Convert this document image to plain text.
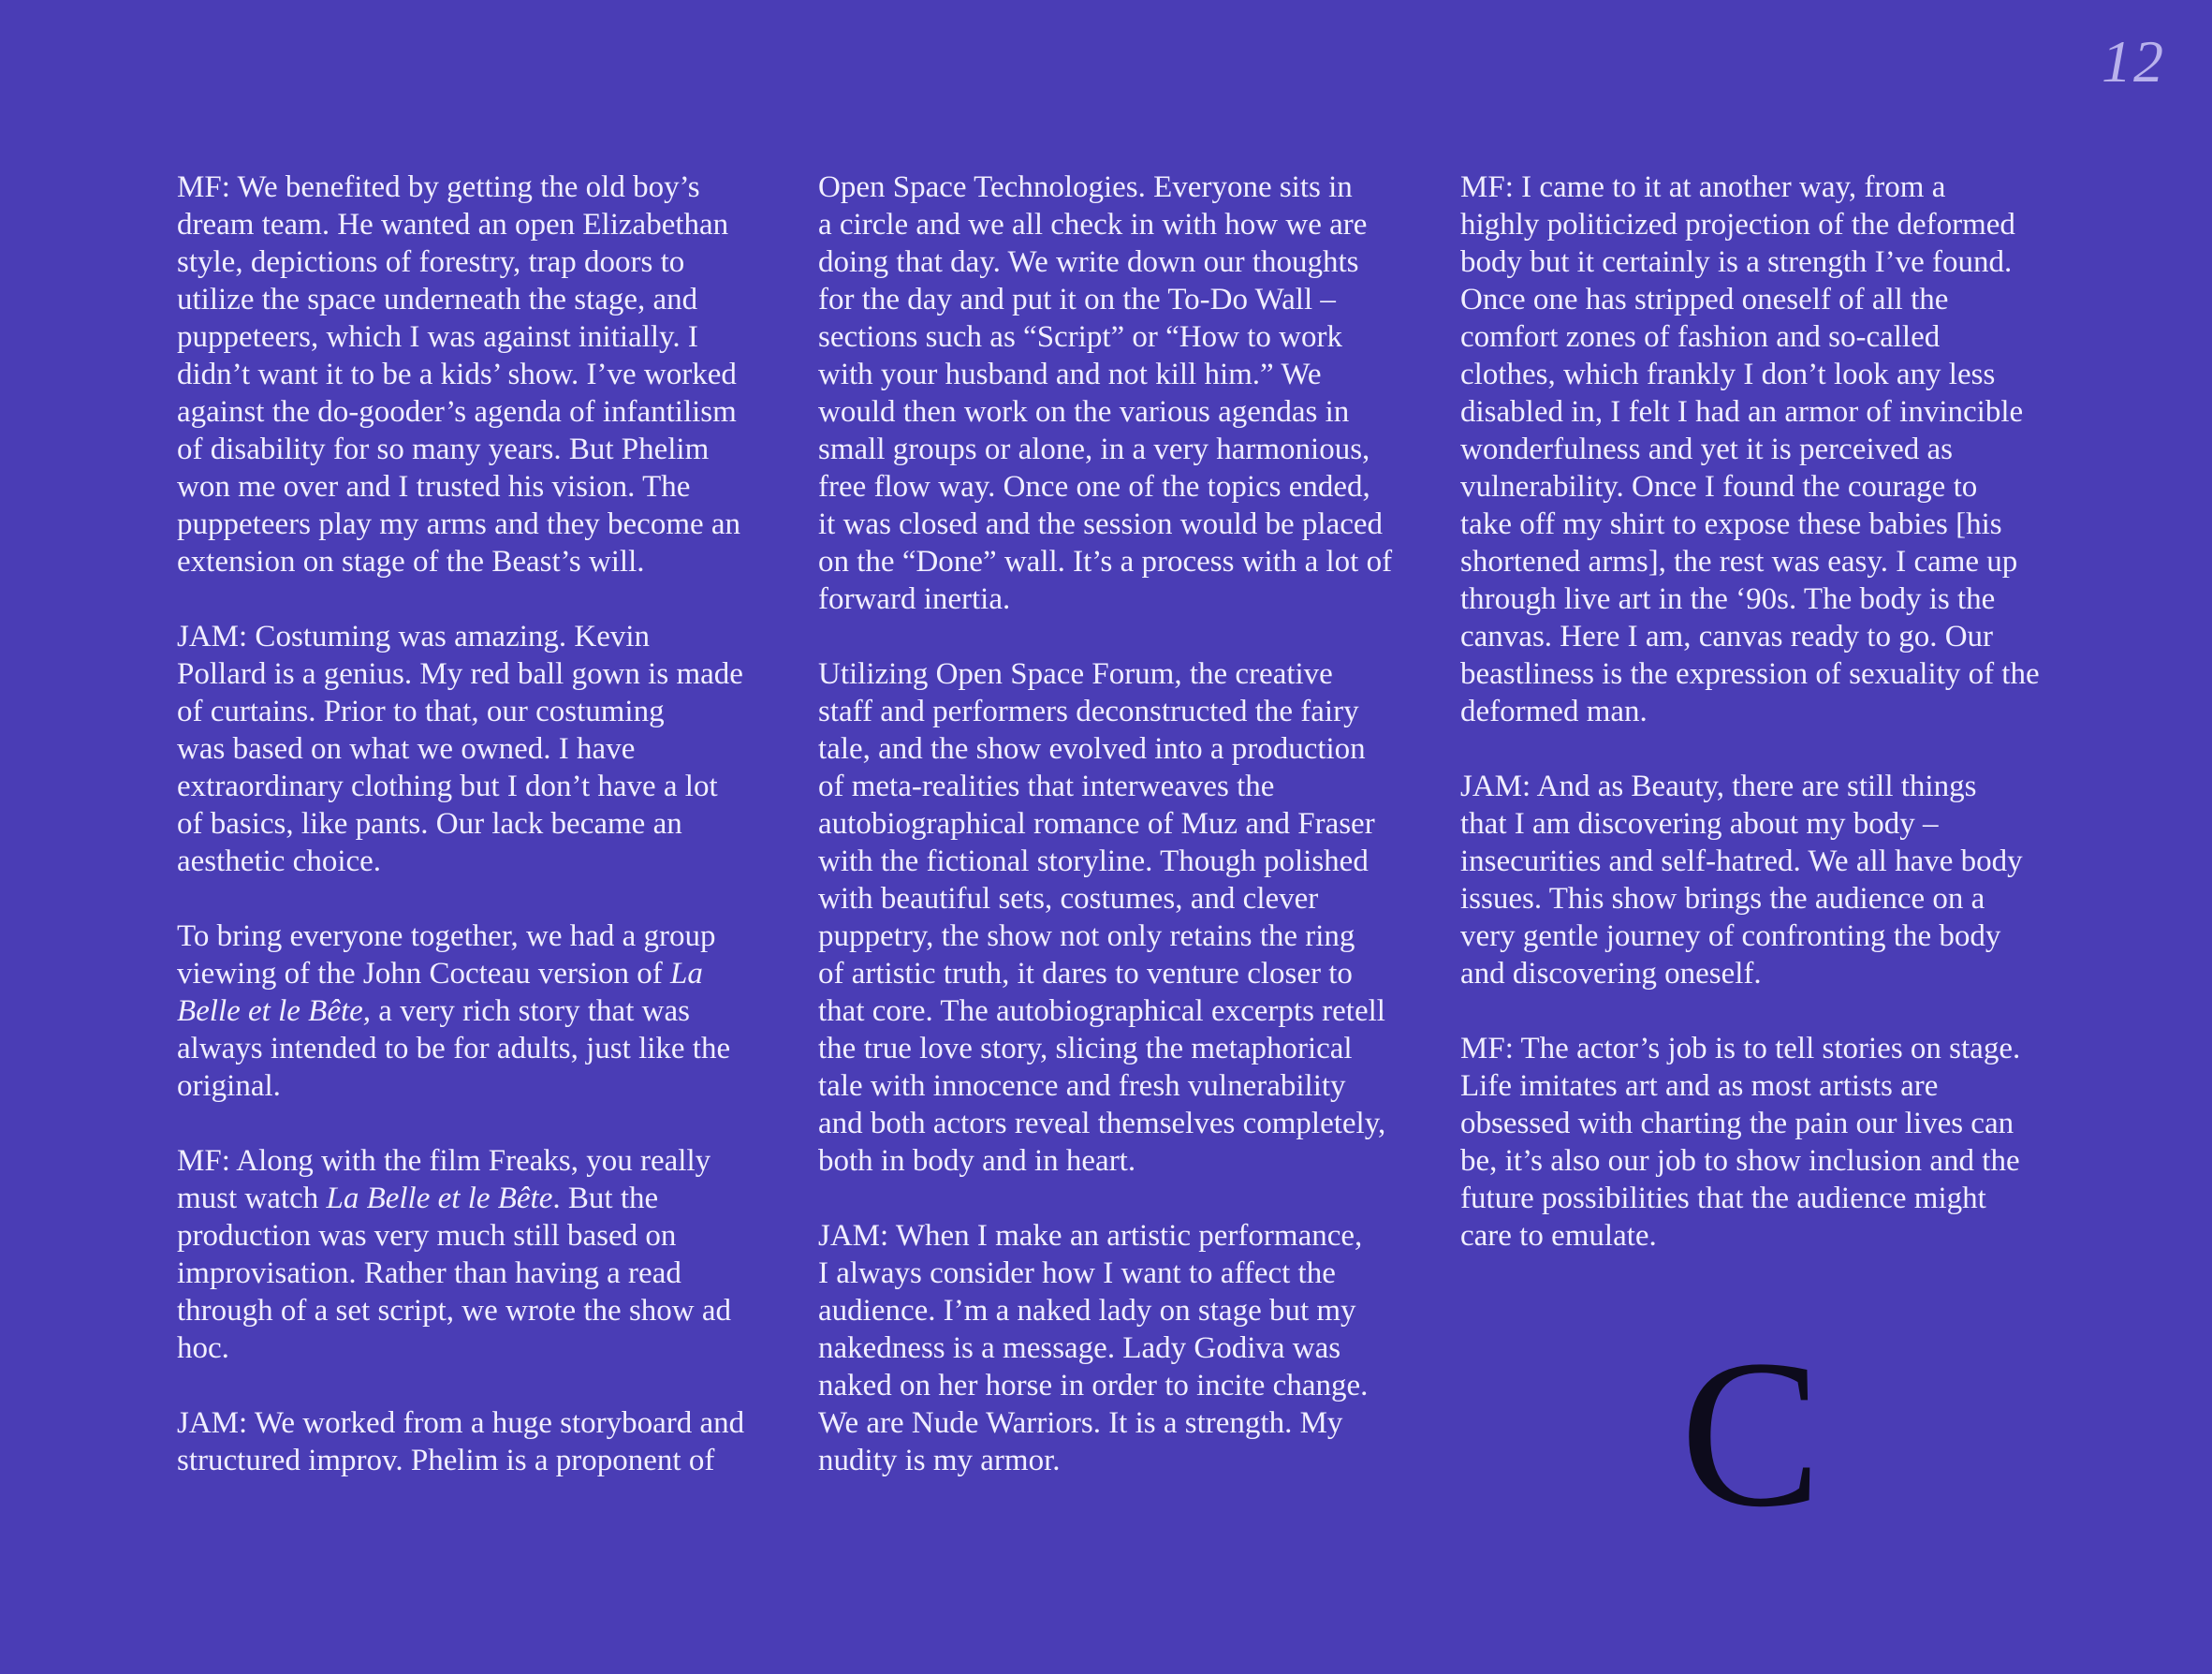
12

MF: We benefited by getting the old boy’s
dream team. He wanted an open Elizabethan
style, depictions of forestry, trap doors to
utilize the space underneath the stage, and
puppeteers, which I was against initially. I
didn’t want it to be a kids’ show. I’ve worked
against the do-gooder’s agenda of infantilism
of disability for so many years. But Phelim
won me over and I trusted his vision. The
puppeteers play my arms and they become an
extension on stage of the Beast’s will.

JAM: Costuming was amazing. Kevin
Pollard is a genius. My red ball gown is made
of curtains. Prior to that, our costuming
was based on what we owned. I have
extraordinary clothing but I don’t have a lot
of basics, like pants. Our lack became an
aesthetic choice.

To bring everyone together, we had a group
viewing of the John Cocteau version of La
Belle et le Bête, a very rich story that was
always intended to be for adults, just like the
original.

MF: Along with the film Freaks, you really
must watch La Belle et le Bête. But the
production was very much still based on
improvisation. Rather than having a read
through of a set script, we wrote the show ad
hoc.

JAM: We worked from a huge storyboard and
structured improv. Phelim is a proponent of

Open Space Technologies. Everyone sits in
a circle and we all check in with how we are
doing that day. We write down our thoughts
for the day and put it on the To-Do Wall –
sections such as “Script” or “How to work
with your husband and not kill him.” We
would then work on the various agendas in
small groups or alone, in a very harmonious,
free flow way. Once one of the topics ended,
it was closed and the session would be placed
on the “Done” wall. It’s a process with a lot of
forward inertia.

Utilizing Open Space Forum, the creative
staff and performers deconstructed the fairy
tale, and the show evolved into a production
of meta-realities that interweaves the
autobiographical romance of Muz and Fraser
with the fictional storyline. Though polished
with beautiful sets, costumes, and clever
puppetry, the show not only retains the ring
of artistic truth, it dares to venture closer to
that core. The autobiographical excerpts retell
the true love story, slicing the metaphorical
tale with innocence and fresh vulnerability
and both actors reveal themselves completely,
both in body and in heart.

JAM: When I make an artistic performance,
I always consider how I want to affect the
audience. I’m a naked lady on stage but my
nakedness is a message. Lady Godiva was
naked on her horse in order to incite change.
We are Nude Warriors. It is a strength. My
nudity is my armor.

MF: I came to it at another way, from a
highly politicized projection of the deformed
body but it certainly is a strength I’ve found.
Once one has stripped oneself of all the
comfort zones of fashion and so-called
clothes, which frankly I don’t look any less
disabled in, I felt I had an armor of invincible
wonderfulness and yet it is perceived as
vulnerability. Once I found the courage to
take off my shirt to expose these babies [his
shortened arms], the rest was easy. I came up
through live art in the ‘90s. The body is the
canvas. Here I am, canvas ready to go. Our
beastliness is the expression of sexuality of the
deformed man.

JAM: And as Beauty, there are still things
that I am discovering about my body –
insecurities and self-hatred. We all have body
issues. This show brings the audience on a
very gentle journey of confronting the body
and discovering oneself.

MF: The actor’s job is to tell stories on stage.
Life imitates art and as most artists are
obsessed with charting the pain our lives can
be, it’s also our job to show inclusion and the
future possibilities that the audience might
care to emulate.

C
